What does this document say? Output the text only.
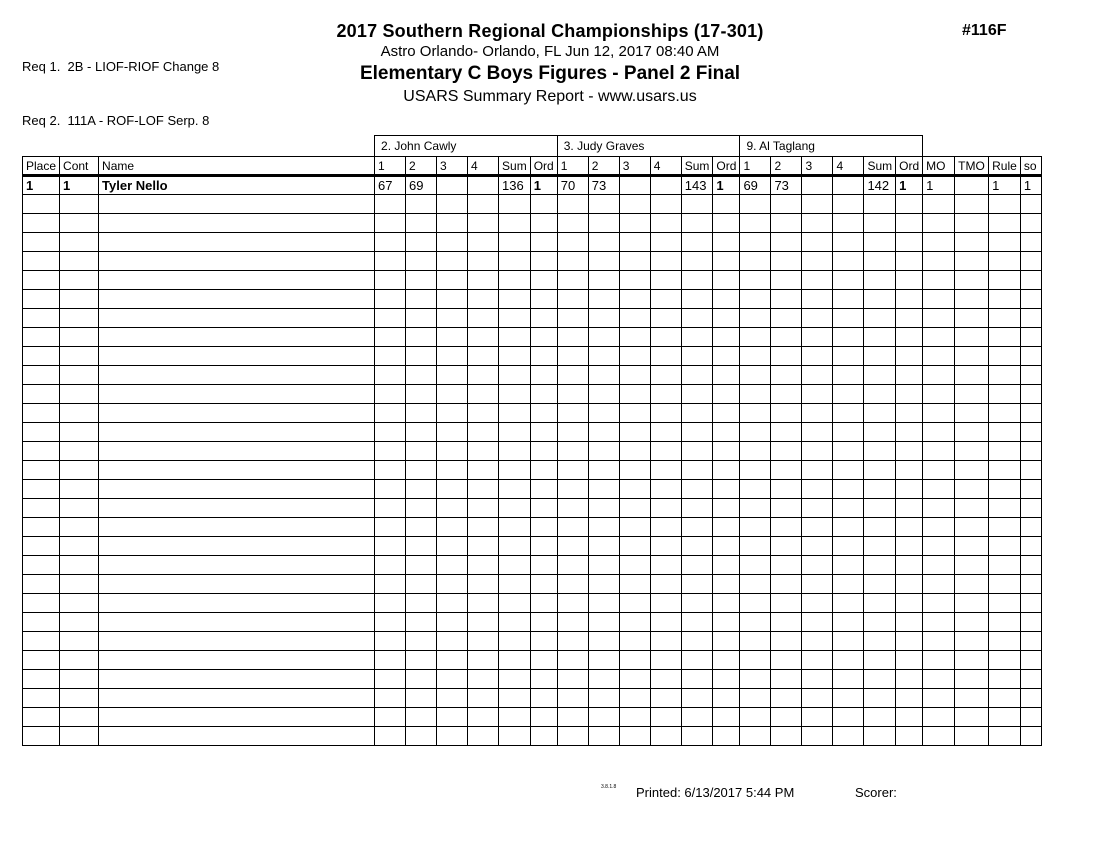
Req 1.  2B - LIOF-RIOF Change 8

Req 2.  111A - ROF-LOF Serp. 8

2017 Southern Regional Championships (17-301)
Astro Orlando- Orlando, FL Jun 12, 2017 08:40 AM
Elementary C Boys Figures - Panel 2 Final
USARS Summary Report - www.usars.us
#116F
			2. John Cawly						3. Judy Graves						9. Al Taglang									
Place	Cont	Name	1	2	3	4	Sum	Ord	1	2	3	4	Sum	Ord	1	2	3	4	Sum	Ord	MO	TMO	Rule	so
1	1	Tyler Nello	67	69			136	1	70	73			143	1	69	73			142	1	1		1	1

3.8.1.8 Printed: 6/13/2017 5:44 PM	Scorer:
